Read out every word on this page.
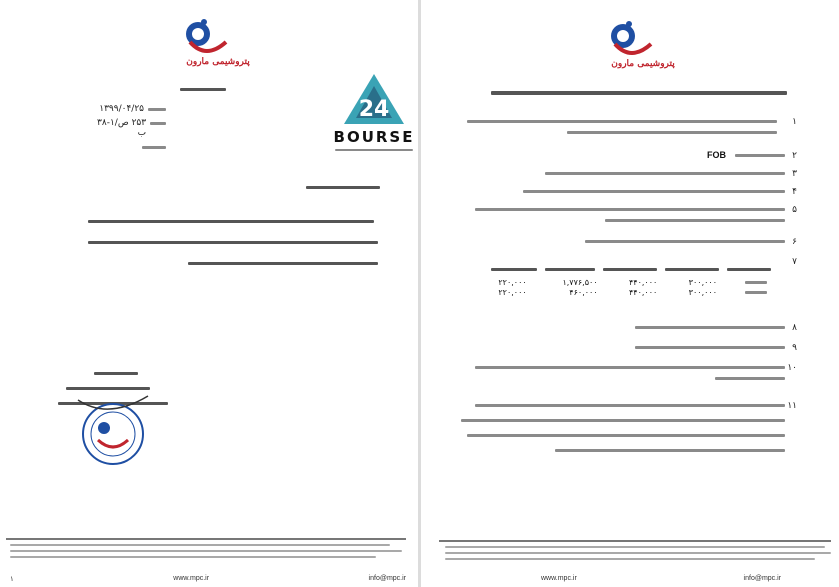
پتروشیمی مارون
۱۳۹۹/۰۴/۲۵
۲۵۳ ص/۱-۳۸ ب
24
BOURSE
۱	www.mpc.ir	info@mpc.ir
پتروشیمی مارون
۱
۲
FOB
۳
۴
۵
۶
۷
	۳۰۰,۰۰۰	۴۴۰,۰۰۰	۱,۷۷۶,۵۰۰	۲۲۰,۰۰۰

	۳۰۰,۰۰۰	۴۴۰,۰۰۰	۴۶۰,۰۰۰	۲۲۰,۰۰۰
۸
۹
۱۰
۱۱
www.mpc.ir	info@mpc.ir
